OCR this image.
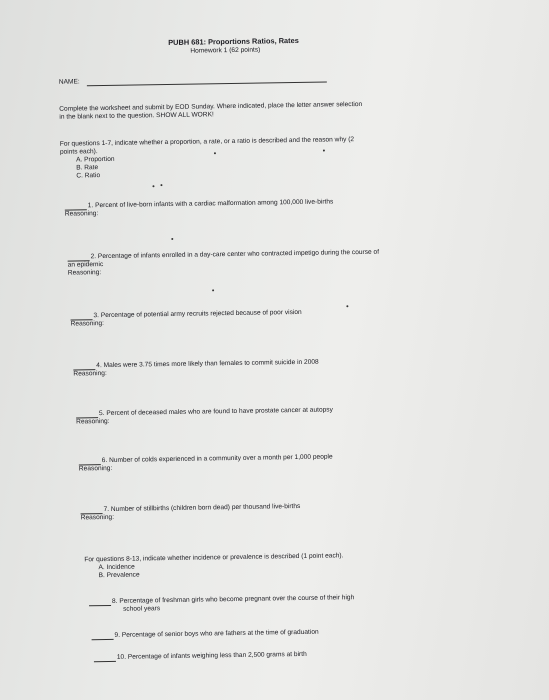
PUBH 681: Proportions Ratios, Rates
Homework 1 (62 points)
NAME:
Complete the worksheet and submit by EOD Sunday. Where indicated, place the letter answer selection
in the blank next to the question. SHOW ALL WORK!
For questions 1-7, indicate whether a proportion, a rate, or a ratio is described and the reason why (2
points each).
A. Proportion
B. Rate
C. Ratio
1. Percent of live-born infants with a cardiac malformation among 100,000 live-births
Reasoning:
2. Percentage of infants enrolled in a day-care center who contracted impetigo during the course of
an epidemic
Reasoning:
3. Percentage of potential army recruits rejected because of poor vision
Reasoning:
4. Males were 3.75 times more likely than females to commit suicide in 2008
Reasoning:
5. Percent of deceased males who are found to have prostate cancer at autopsy
Reasoning:
6. Number of colds experienced in a community over a month per 1,000 people
Reasoning:
7. Number of stillbirths (children born dead) per thousand live-births
Reasoning:
For questions 8-13, indicate whether incidence or prevalence is described (1 point each).
A. Incidence
B. Prevalence
8. Percentage of freshman girls who become pregnant over the course of their high
school years
9. Percentage of senior boys who are fathers at the time of graduation
10. Percentage of infants weighing less than 2,500 grams at birth
